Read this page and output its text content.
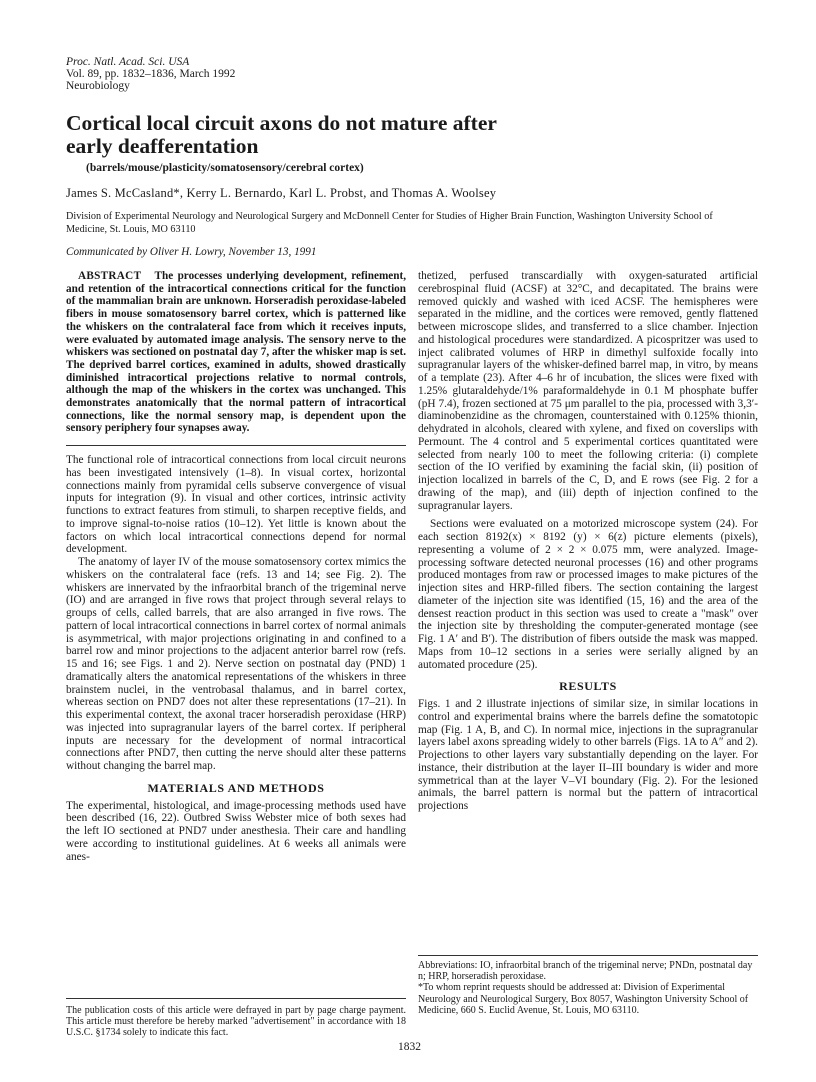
Proc. Natl. Acad. Sci. USA
Vol. 89, pp. 1832–1836, March 1992
Neurobiology
Cortical local circuit axons do not mature after
early deafferentation
(barrels/mouse/plasticity/somatosensory/cerebral cortex)
James S. McCasland*, Kerry L. Bernardo, Karl L. Probst, and Thomas A. Woolsey
Division of Experimental Neurology and Neurological Surgery and McDonnell Center for Studies of Higher Brain Function, Washington University School of Medicine, St. Louis, MO 63110
Communicated by Oliver H. Lowry, November 13, 1991

ABSTRACT The processes underlying development, refinement, and retention of the intracortical connections critical for the function of the mammalian brain are unknown. Horseradish peroxidase-labeled fibers in mouse somatosensory barrel cortex, which is patterned like the whiskers on the contralateral face from which it receives inputs, were evaluated by automated image analysis. The sensory nerve to the whiskers was sectioned on postnatal day 7, after the whisker map is set. The deprived barrel cortices, examined in adults, showed drastically diminished intracortical projections relative to normal controls, although the map of the whiskers in the cortex was unchanged. This demonstrates anatomically that the normal pattern of intracortical connections, like the normal sensory map, is dependent upon the sensory periphery four synapses away.

The functional role of intracortical connections from local circuit neurons has been investigated intensively (1–8). In visual cortex, horizontal connections mainly from pyramidal cells subserve convergence of visual inputs for integration (9). In visual and other cortices, intrinsic activity functions to extract features from stimuli, to sharpen receptive fields, and to improve signal-to-noise ratios (10–12). Yet little is known about the factors on which local intracortical connections depend for normal development.

The anatomy of layer IV of the mouse somatosensory cortex mimics the whiskers on the contralateral face (refs. 13 and 14; see Fig. 2). The whiskers are innervated by the infraorbital branch of the trigeminal nerve (IO) and are arranged in five rows that project through several relays to groups of cells, called barrels, that are also arranged in five rows. The pattern of local intracortical connections in barrel cortex of normal animals is asymmetrical, with major projections originating in and confined to a barrel row and minor projections to the adjacent anterior barrel row (refs. 15 and 16; see Figs. 1 and 2). Nerve section on postnatal day (PND) 1 dramatically alters the anatomical representations of the whiskers in three brainstem nuclei, in the ventrobasal thalamus, and in barrel cortex, whereas section on PND7 does not alter these representations (17–21). In this experimental context, the axonal tracer horseradish peroxidase (HRP) was injected into supragranular layers of the barrel cortex. If peripheral inputs are necessary for the development of normal intracortical connections after PND7, then cutting the nerve should alter these patterns without changing the barrel map.

MATERIALS AND METHODS

The experimental, histological, and image-processing methods used have been described (16, 22). Outbred Swiss Webster mice of both sexes had the left IO sectioned at PND7 under anesthesia. Their care and handling were according to institutional guidelines. At 6 weeks all animals were anes-

thetized, perfused transcardially with oxygen-saturated artificial cerebrospinal fluid (ACSF) at 32°C, and decapitated. The brains were removed quickly and washed with iced ACSF. The hemispheres were separated in the midline, and the cortices were removed, gently flattened between microscope slides, and transferred to a slice chamber. Injection and histological procedures were standardized. A picospritzer was used to inject calibrated volumes of HRP in dimethyl sulfoxide focally into supragranular layers of the whisker-defined barrel map, in vitro, by means of a template (23). After 4–6 hr of incubation, the slices were fixed with 1.25% glutaraldehyde/1% paraformaldehyde in 0.1 M phosphate buffer (pH 7.4), frozen sectioned at 75 μm parallel to the pia, processed with 3,3′-diaminobenzidine as the chromagen, counterstained with 0.125% thionin, dehydrated in alcohols, cleared with xylene, and fixed on coverslips with Permount. The 4 control and 5 experimental cortices quantitated were selected from nearly 100 to meet the following criteria: (i) complete section of the IO verified by examining the facial skin, (ii) position of injection localized in barrels of the C, D, and E rows (see Fig. 2 for a drawing of the map), and (iii) depth of injection confined to the supragranular layers.

Sections were evaluated on a motorized microscope system (24). For each section 8192(x) × 8192 (y) × 6(z) picture elements (pixels), representing a volume of 2 × 2 × 0.075 mm, were analyzed. Image-processing software detected neuronal processes (16) and other programs produced montages from raw or processed images to make pictures of the injection sites and HRP-filled fibers. The section containing the largest diameter of the injection site was identified (15, 16) and the area of the densest reaction product in this section was used to create a "mask" over the injection site by thresholding the computer-generated montage (see Fig. 1 A′ and B′). The distribution of fibers outside the mask was mapped. Maps from 10–12 sections in a series were serially aligned by an automated procedure (25).

RESULTS

Figs. 1 and 2 illustrate injections of similar size, in similar locations in control and experimental brains where the barrels define the somatotopic map (Fig. 1 A, B, and C). In normal mice, injections in the supragranular layers label axons spreading widely to other barrels (Figs. 1A to A″ and 2). Projections to other layers vary substantially depending on the layer. For instance, their distribution at the layer II–III boundary is wider and more symmetrical than at the layer V–VI boundary (Fig. 2). For the lesioned animals, the barrel pattern is normal but the pattern of intracortical projections

Abbreviations: IO, infraorbital branch of the trigeminal nerve; PNDn, postnatal day n; HRP, horseradish peroxidase.

*To whom reprint requests should be addressed at: Division of Experimental Neurology and Neurological Surgery, Box 8057, Washington University School of Medicine, 660 S. Euclid Avenue, St. Louis, MO 63110.

The publication costs of this article were defrayed in part by page charge payment. This article must therefore be hereby marked "advertisement" in accordance with 18 U.S.C. §1734 solely to indicate this fact.

1832
